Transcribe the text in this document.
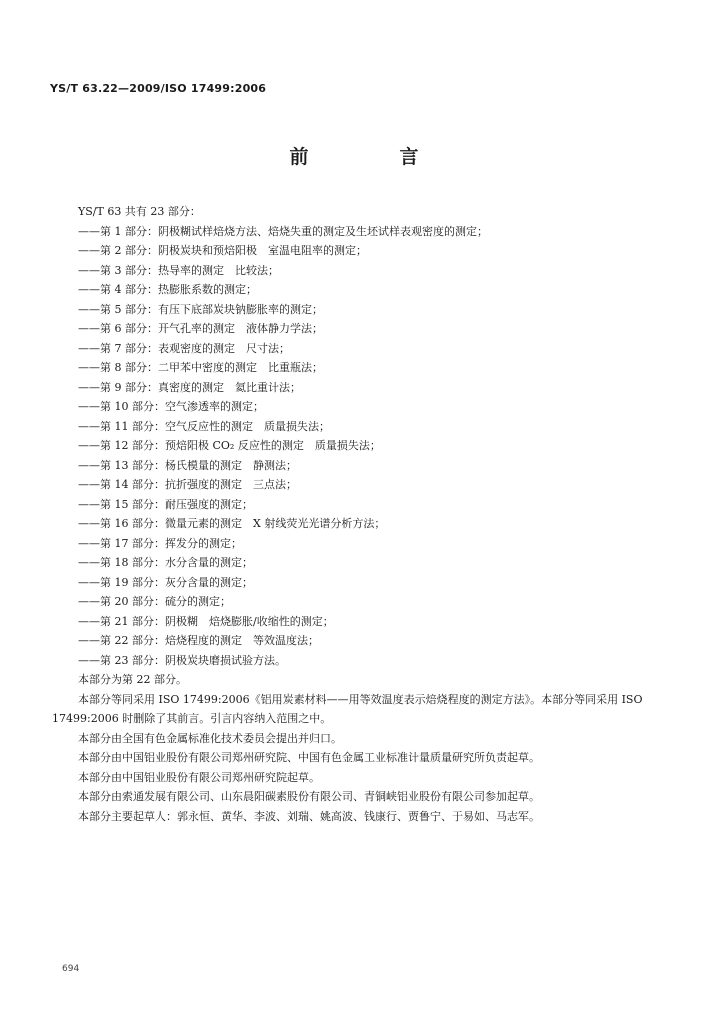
YS/T 63.22—2009/ISO 17499:2006
前　言
YS/T 63 共有 23 部分：
——第 1 部分：阴极糊试样焙烧方法、焙烧失重的测定及生坯试样表观密度的测定；
——第 2 部分：阴极炭块和预焙阳极　室温电阻率的测定；
——第 3 部分：热导率的测定　比较法；
——第 4 部分：热膨胀系数的测定；
——第 5 部分：有压下底部炭块钠膨胀率的测定；
——第 6 部分：开气孔率的测定　液体静力学法；
——第 7 部分：表观密度的测定　尺寸法；
——第 8 部分：二甲苯中密度的测定　比重瓶法；
——第 9 部分：真密度的测定　氦比重计法；
——第 10 部分：空气渗透率的测定；
——第 11 部分：空气反应性的测定　质量损失法；
——第 12 部分：预焙阳极 CO₂ 反应性的测定　质量损失法；
——第 13 部分：杨氏模量的测定　静测法；
——第 14 部分：抗折强度的测定　三点法；
——第 15 部分：耐压强度的测定；
——第 16 部分：微量元素的测定　X 射线荧光光谱分析方法；
——第 17 部分：挥发分的测定；
——第 18 部分：水分含量的测定；
——第 19 部分：灰分含量的测定；
——第 20 部分：硫分的测定；
——第 21 部分：阴极糊　焙烧膨胀/收缩性的测定；
——第 22 部分：焙烧程度的测定　等效温度法；
——第 23 部分：阴极炭块磨损试验方法。
本部分为第 22 部分。
本部分等同采用 ISO 17499:2006《铝用炭素材料——用等效温度表示焙烧程度的测定方法》。本部分等同采用 ISO 17499:2006 时删除了其前言。引言内容纳入范围之中。
本部分由全国有色金属标准化技术委员会提出并归口。
本部分由中国铝业股份有限公司郑州研究院、中国有色金属工业标准计量质量研究所负责起草。
本部分由中国铝业股份有限公司郑州研究院起草。
本部分由索通发展有限公司、山东晨阳碳素股份有限公司、青铜峡铝业股份有限公司参加起草。
本部分主要起草人：郭永恒、黄华、李波、刘瑞、姚高波、钱康行、贾鲁宁、于易如、马志军。
694
